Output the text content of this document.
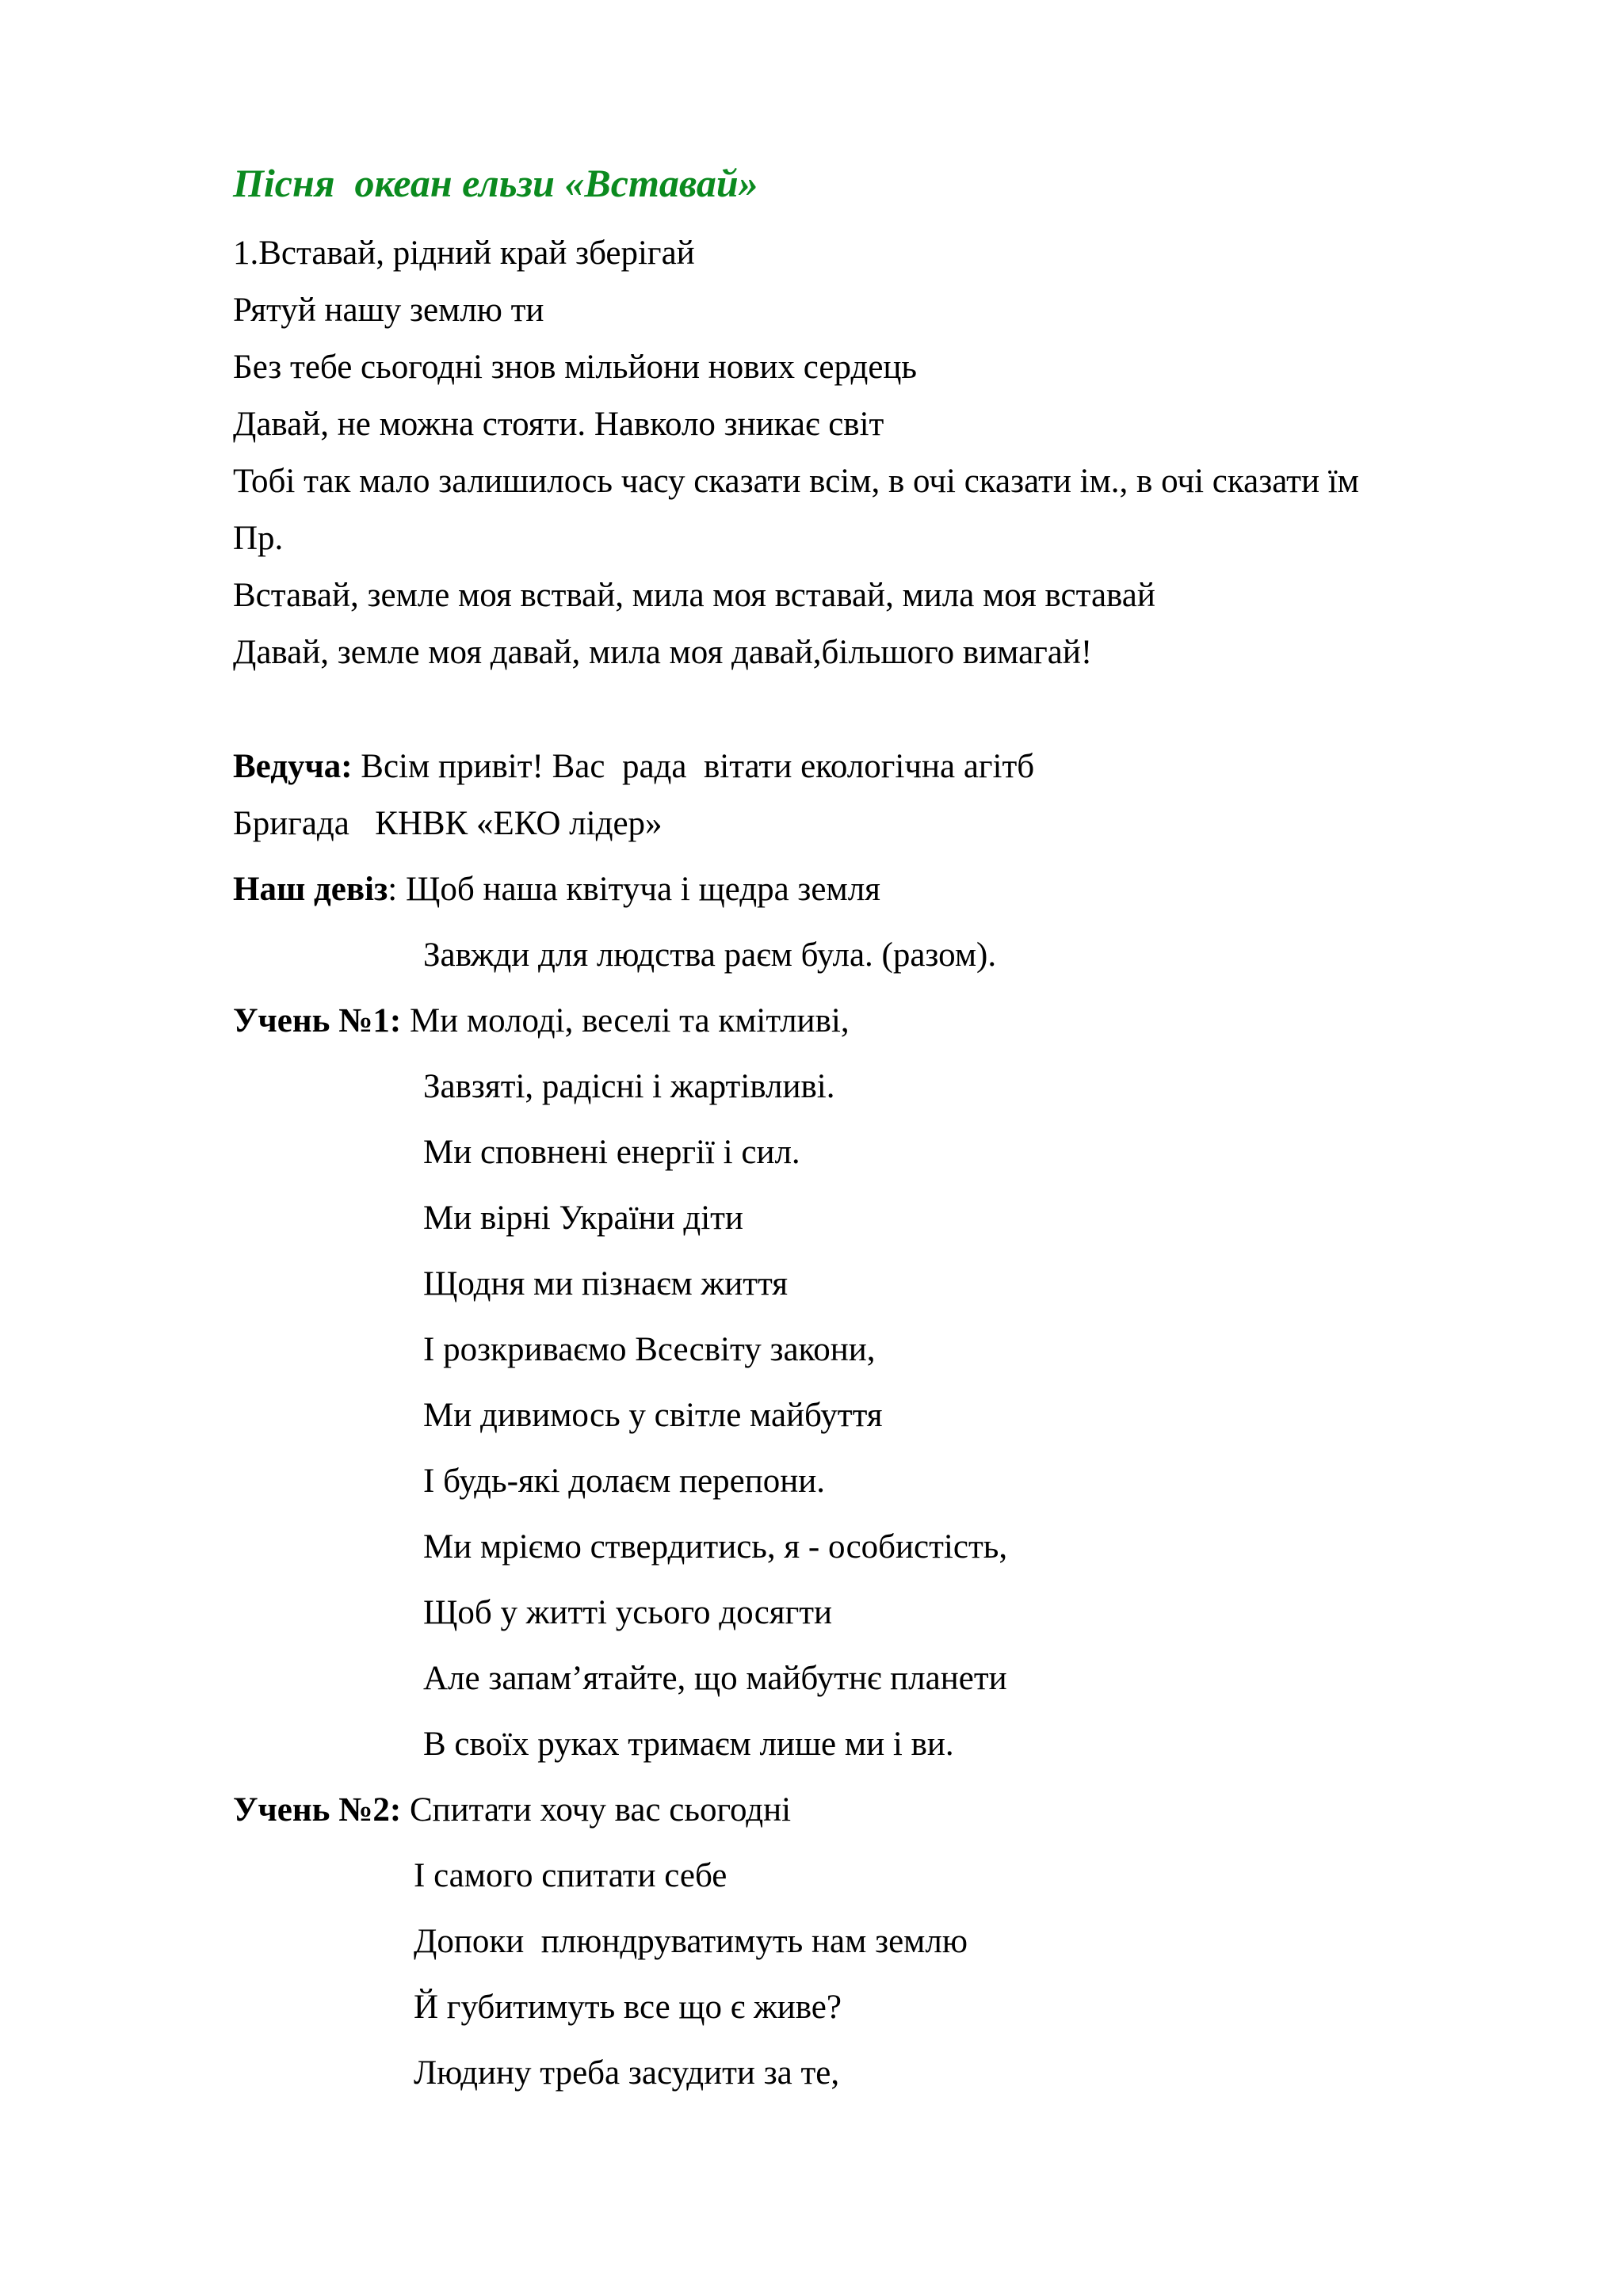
Пісня  океан ельзи «Вставай»
1.Вставай, рідний край зберігай
Рятуй нашу землю ти
Без тебе сьогодні знов мільйони нових сердець
Давай, не можна стояти. Навколо зникає світ
Тобі так мало залишилось часу сказати всім, в очі сказати ім., в очі сказати їм
Пр.
Вставай, земле моя вствай, мила моя вставай, мила моя вставай
Давай, земле моя давай, мила моя давай,більшого вимагай!
Ведуча: Всім привіт! Вас  рада  вітати екологічна агітб
Бригада   КНВК «ЕКО лідер»
Наш девіз: Щоб наша квітуча і щедра земля
Завжди для людства раєм була. (разом).
Учень №1: Ми молоді, веселі та кмітливі,
Завзяті, радісні і жартівливі.
Ми сповнені енергії і сил.
Ми вірні України діти
Щодня ми пізнаєм життя
І розкриваємо Всесвіту закони,
Ми дивимось у світле майбуття
І будь-які долаєм перепони.
Ми мріємо ствердитись, я - особистість,
Щоб у житті усього досягти
Але запам’ятайте, що майбутнє планети
В своїх руках тримаєм лише ми і ви.
Учень №2: Спитати хочу вас сьогодні
І самого спитати себе
Допоки  плюндруватимуть нам землю
Й губитимуть все що є живе?
Людину треба засудити за те,
